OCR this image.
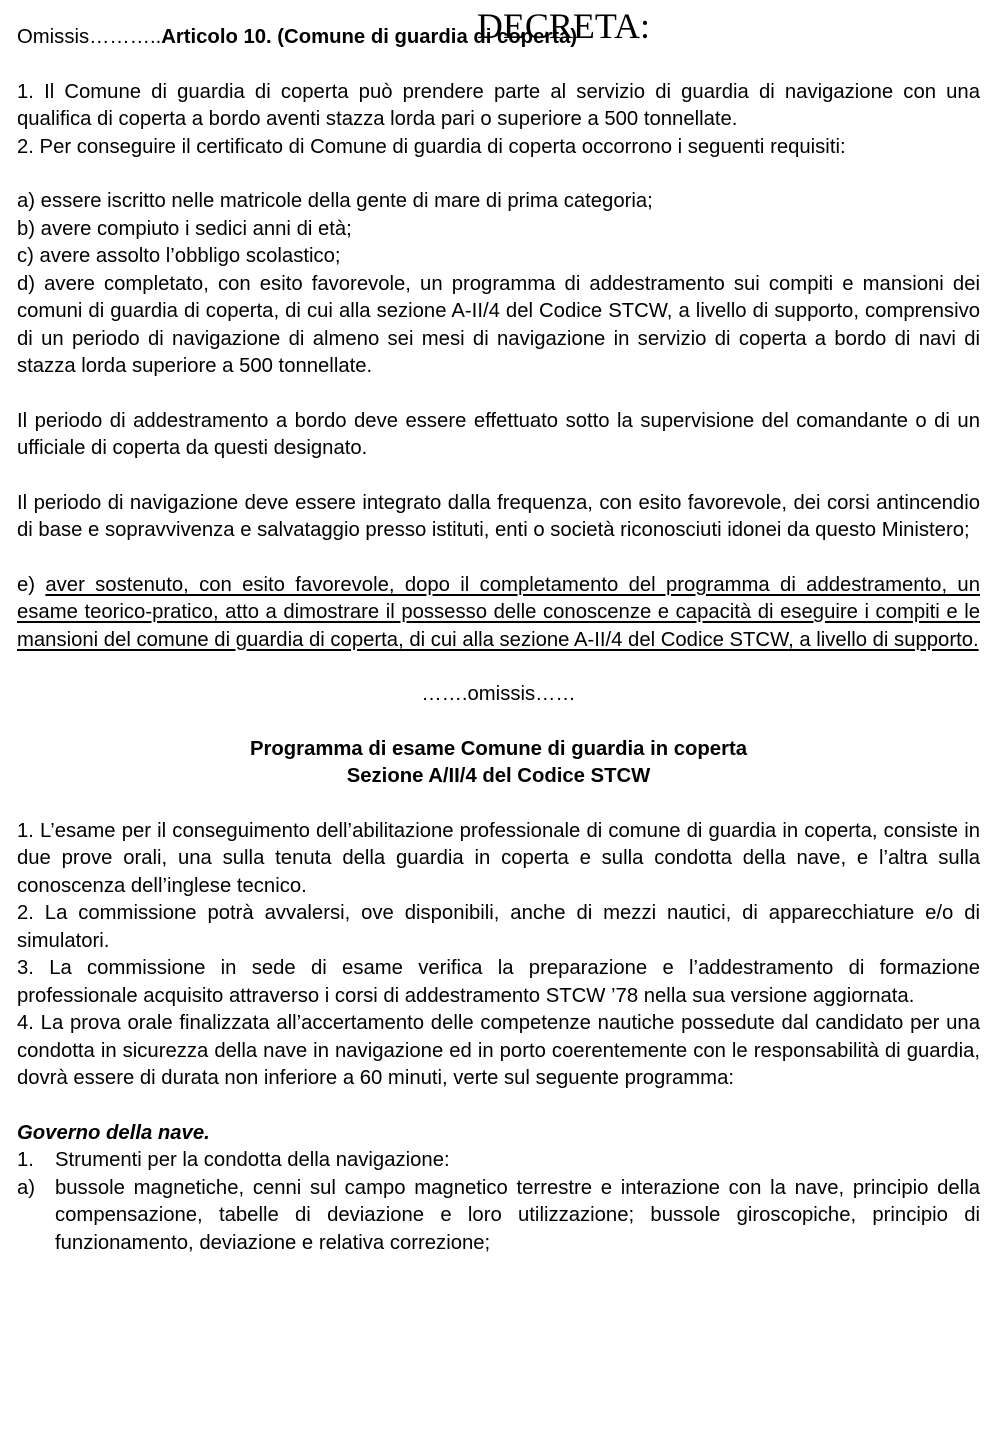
DECRETA:

Omissis………..Articolo 10. (Comune di guardia di coperta)

1. Il Comune di guardia di coperta può prendere parte al servizio di guardia di navigazione con una qualifica di coperta a bordo aventi stazza lorda pari o superiore a 500 tonnellate.

2. Per conseguire il certificato di Comune di guardia di coperta occorrono i seguenti requisiti:

a) essere iscritto nelle matricole della gente di mare di prima categoria;

b) avere compiuto i sedici anni di età;

c) avere assolto l’obbligo scolastico;

d) avere completato, con esito favorevole, un programma di addestramento sui compiti e mansioni dei comuni di guardia di coperta, di cui alla sezione A-II/4 del Codice STCW, a livello di supporto, comprensivo di un periodo di navigazione di almeno sei mesi di navigazione in servizio di coperta a bordo di navi di stazza lorda superiore a 500 tonnellate.

Il periodo di addestramento a bordo deve essere effettuato sotto la supervisione del comandante o di un ufficiale di coperta da questi designato.

Il periodo di navigazione deve essere integrato dalla frequenza, con esito favorevole, dei corsi antincendio di base e sopravvivenza e salvataggio presso istituti, enti o società riconosciuti idonei da questo Ministero;

e) aver sostenuto, con esito favorevole, dopo il completamento del programma di addestramento, un esame teorico-pratico, atto a dimostrare il possesso delle conoscenze e capacità di eseguire i compiti e le mansioni del comune di guardia di coperta, di cui alla sezione A-II/4 del Codice STCW, a livello di supporto.

…….omissis……

Programma di esame Comune di guardia in coperta

Sezione A/II/4 del Codice STCW

1. L’esame per il conseguimento dell’abilitazione professionale di comune di guardia in coperta, consiste in due prove orali, una sulla tenuta della guardia in coperta e sulla condotta della nave, e l’altra sulla conoscenza dell’inglese tecnico.

2. La commissione potrà avvalersi, ove disponibili, anche di mezzi nautici, di apparecchiature e/o di simulatori.

3. La commissione in sede di esame verifica la preparazione e l’addestramento di formazione professionale acquisito attraverso i corsi di addestramento STCW ’78 nella sua versione aggiornata.

4. La prova orale finalizzata all’accertamento delle competenze nautiche possedute dal candidato per una condotta in sicurezza della nave in navigazione ed in porto coerentemente con le responsabilità di guardia, dovrà essere di durata non inferiore a 60 minuti, verte sul seguente programma:

Governo della nave.

1.	Strumenti per la condotta della navigazione:
a) bussole magnetiche, cenni sul campo magnetico terrestre e interazione con la nave, principio della compensazione, tabelle di deviazione e loro utilizzazione; bussole giroscopiche, principio di funzionamento, deviazione e relativa correzione;
